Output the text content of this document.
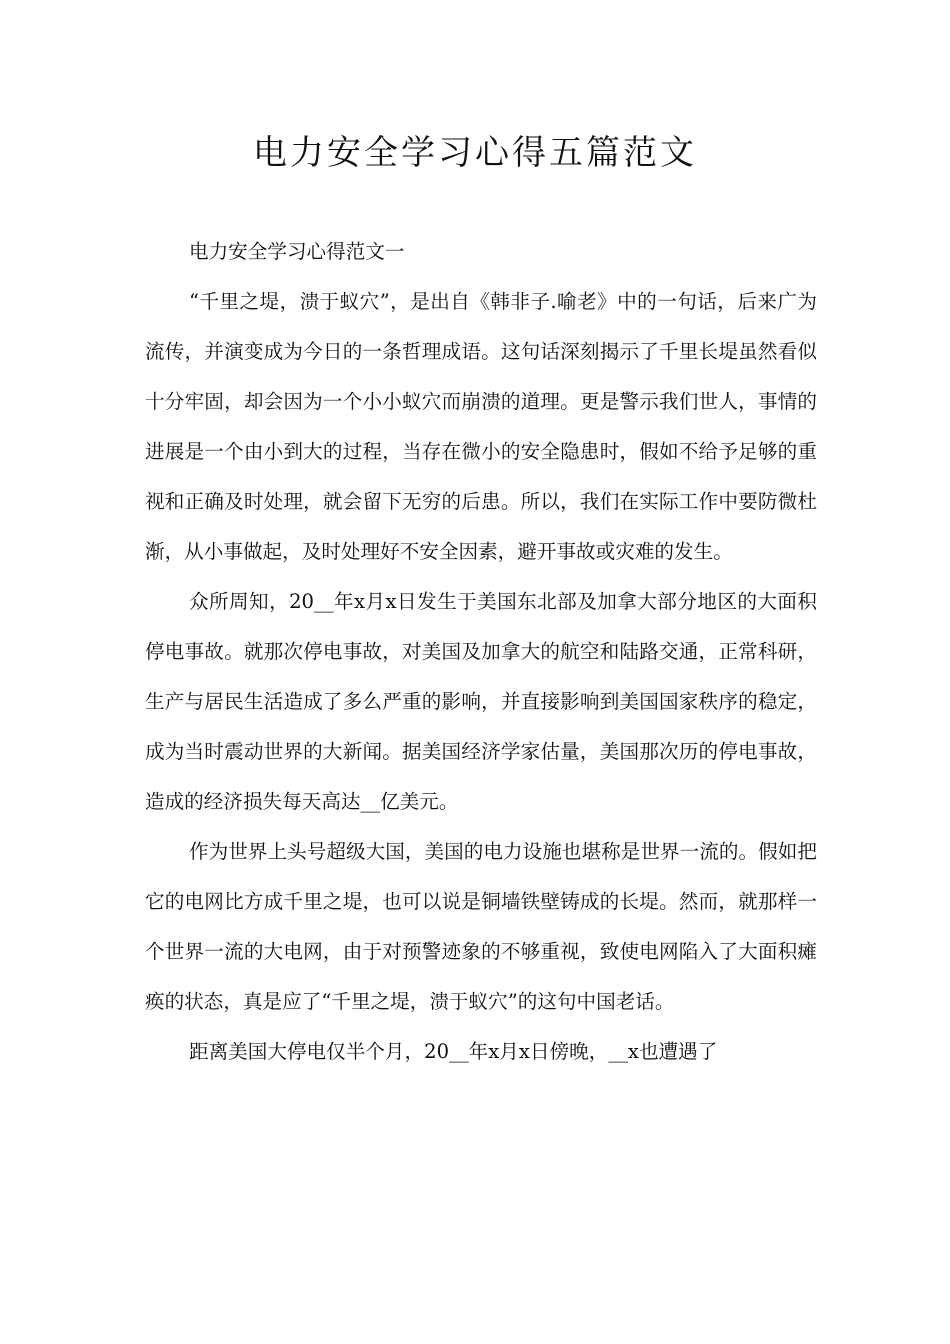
电力安全学习心得五篇范文

电力安全学习心得范文一

“千里之堤，溃于蚁穴”，是出自《韩非子.喻老》中的一句话，后来广为流传，并演变成为今日的一条哲理成语。这句话深刻揭示了千里长堤虽然看似十分牢固，却会因为一个小小蚁穴而崩溃的道理。更是警示我们世人，事情的进展是一个由小到大的过程，当存在微小的安全隐患时，假如不给予足够的重视和正确及时处理，就会留下无穷的后患。所以，我们在实际工作中要防微杜渐，从小事做起，及时处理好不安全因素，避开事故或灾难的发生。

众所周知，20__年x月x日发生于美国东北部及加拿大部分地区的大面积停电事故。就那次停电事故，对美国及加拿大的航空和陆路交通，正常科研，生产与居民生活造成了多么严重的影响，并直接影响到美国国家秩序的稳定，成为当时震动世界的大新闻。据美国经济学家估量，美国那次历的停电事故，造成的经济损失每天高达__亿美元。

作为世界上头号超级大国，美国的电力设施也堪称是世界一流的。假如把它的电网比方成千里之堤，也可以说是铜墙铁壁铸成的长堤。然而，就那样一个世界一流的大电网，由于对预警迹象的不够重视，致使电网陷入了大面积瘫痪的状态，真是应了“千里之堤，溃于蚁穴”的这句中国老话。

距离美国大停电仅半个月，20__年x月x日傍晚，__x也遭遇了
